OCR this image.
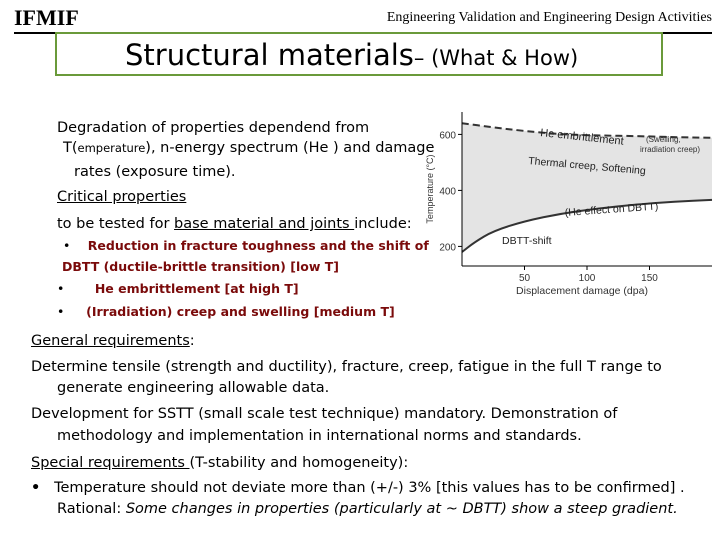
IFMIF	Engineering Validation and Engineering Design Activities
Structural materials– (What & How)
Degradation of properties dependend from
T(emperature), n-energy spectrum (He ) and damage
rates (exposure time).
Critical properties
to be tested for base material and joints include:
• Reduction in fracture toughness and the shift of
DBTT (ductile-brittle transition) [low T]
• He embrittlement [at high T]
• (Irradiation) creep and swelling [medium T]
General requirements:
Determine tensile (strength and ductility), fracture, creep, fatigue in the full T range to
generate engineering allowable data.
Development for SSTT (small scale test technique) mandatory. Demonstration of
methodology and implementation in international norms and standards.
Special requirements (T-stability and homogeneity):
• Temperature should not deviate more than (+/-) 3% [this values has to be confirmed] .
Rational: Some changes in properties (particularly at ~ DBTT) show a steep gradient.
600
400
200
50	100	150
Temperature (°C)
Displacement damage (dpa)
He embrittlement	(Swelling,
irradiation creep)
Thermal creep, Softening
(He effect on DBTT)
DBTT-shift
